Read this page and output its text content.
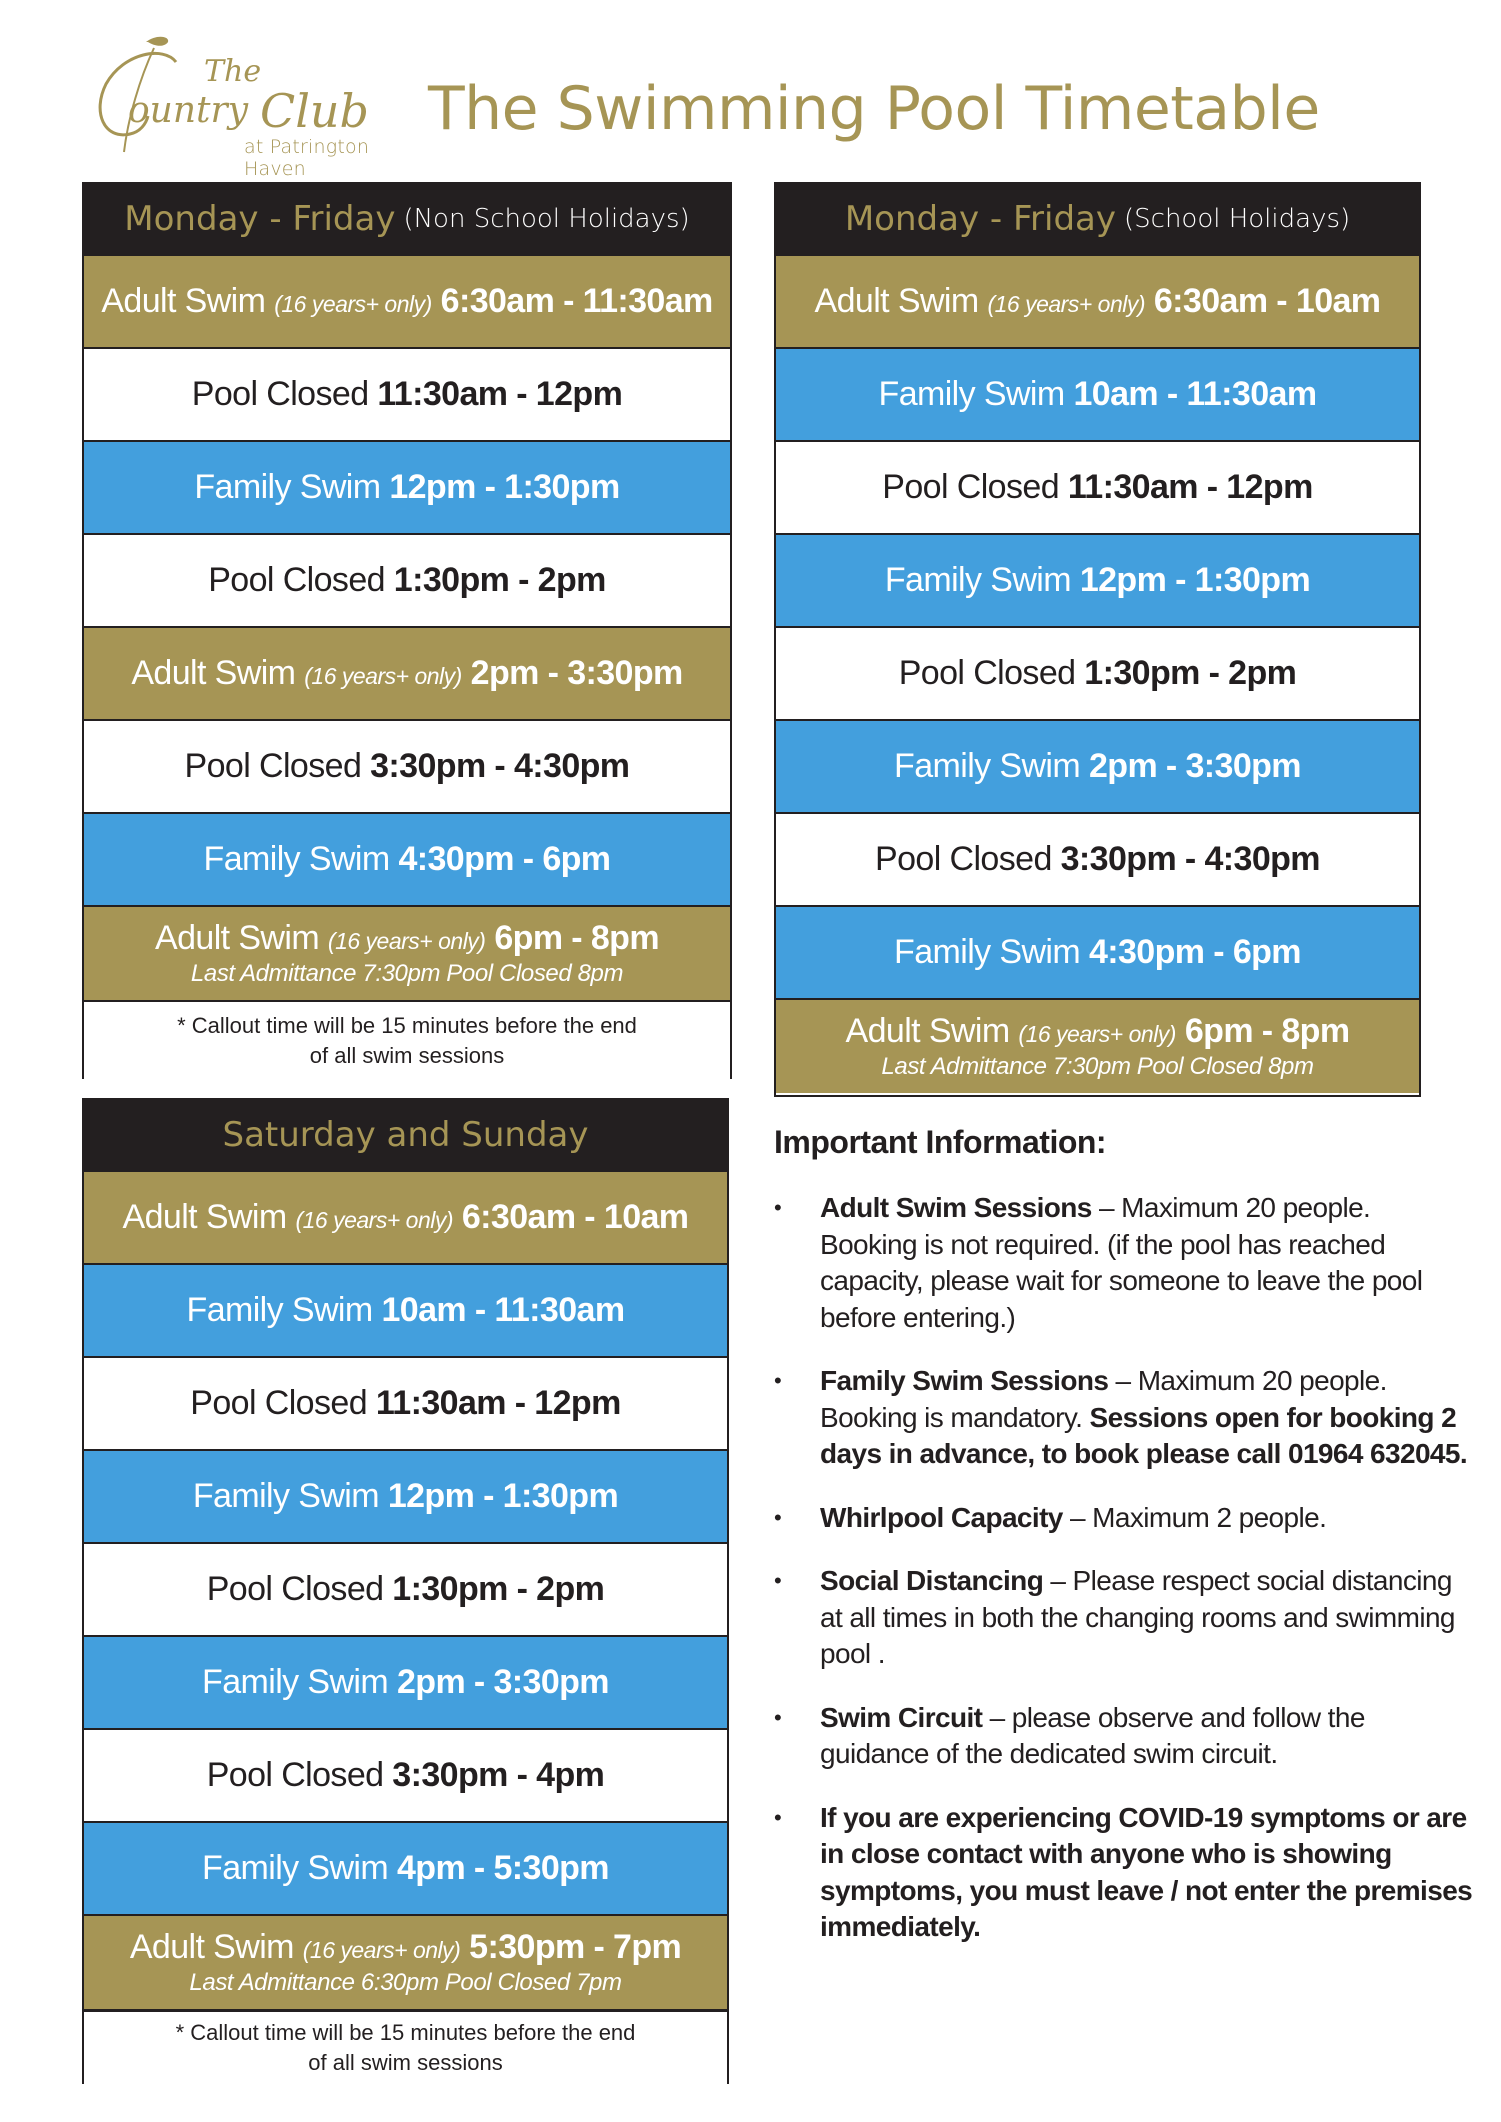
The
ountry Club
at Patrington Haven
The Swimming Pool Timetable
Monday - Friday (Non School Holidays)
Adult Swim (16 years+ only) 6:30am - 11:30am
Pool Closed 11:30am - 12pm
Family Swim 12pm - 1:30pm
Pool Closed 1:30pm - 2pm
Adult Swim (16 years+ only) 2pm - 3:30pm
Pool Closed 3:30pm - 4:30pm
Family Swim 4:30pm - 6pm
Adult Swim (16 years+ only) 6pm - 8pm
Last Admittance 7:30pm Pool Closed 8pm
* Callout time will be 15 minutes before the end
of all swim sessions
Monday - Friday (School Holidays)
Adult Swim (16 years+ only) 6:30am - 10am
Family Swim 10am - 11:30am
Pool Closed 11:30am - 12pm
Family Swim 12pm - 1:30pm
Pool Closed 1:30pm - 2pm
Family Swim 2pm - 3:30pm
Pool Closed 3:30pm - 4:30pm
Family Swim 4:30pm - 6pm
Adult Swim (16 years+ only) 6pm - 8pm
Last Admittance 7:30pm Pool Closed 8pm
Saturday and Sunday
Adult Swim (16 years+ only) 6:30am - 10am
Family Swim 10am - 11:30am
Pool Closed 11:30am - 12pm
Family Swim 12pm - 1:30pm
Pool Closed 1:30pm - 2pm
Family Swim 2pm - 3:30pm
Pool Closed 3:30pm - 4pm
Family Swim 4pm - 5:30pm
Adult Swim (16 years+ only) 5:30pm - 7pm
Last Admittance 6:30pm Pool Closed 7pm
* Callout time will be 15 minutes before the end
of all swim sessions
Important Information:
• Adult Swim Sessions – Maximum 20 people. Booking is not required. (if the pool has reached capacity, please wait for someone to leave the pool before entering.)
• Family Swim Sessions – Maximum 20 people. Booking is mandatory. Sessions open for booking 2 days in advance, to book please call 01964 632045.
• Whirlpool Capacity – Maximum 2 people.
• Social Distancing – Please respect social distancing at all times in both the changing rooms and swimming pool .
• Swim Circuit – please observe and follow the guidance of the dedicated swim circuit.
• If you are experiencing COVID-19 symptoms or are in close contact with anyone who is showing symptoms, you must leave / not enter the premises immediately.
